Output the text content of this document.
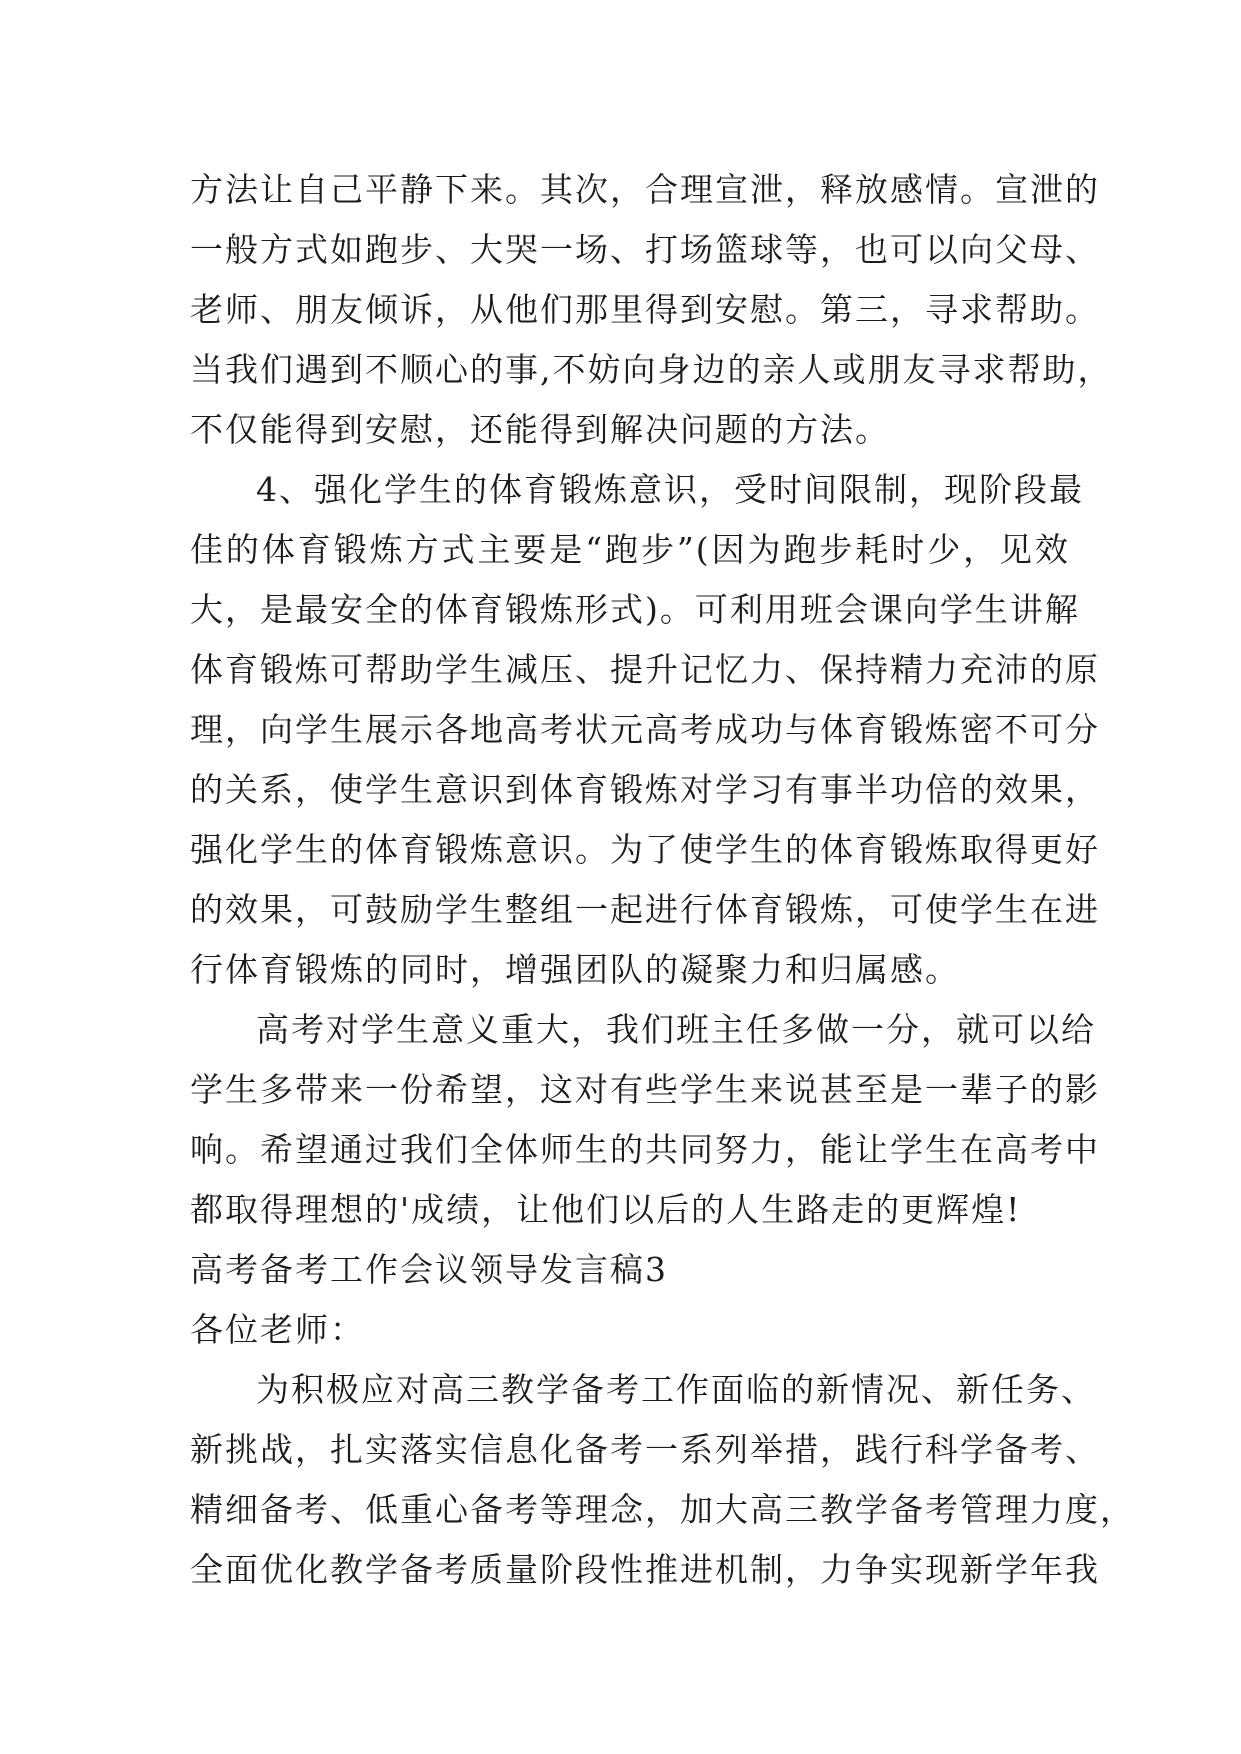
方法让自己平静下来。其次，合理宣泄，释放感情。宣泄的
一般方式如跑步、大哭一场、打场篮球等，也可以向父母、
老师、朋友倾诉，从他们那里得到安慰。第三，寻求帮助。
当我们遇到不顺心的事,不妨向身边的亲人或朋友寻求帮助，
不仅能得到安慰，还能得到解决问题的方法。
4、强化学生的体育锻炼意识，受时间限制，现阶段最
佳的体育锻炼方式主要是“跑步”(因为跑步耗时少，见效
大，是最安全的体育锻炼形式)。可利用班会课向学生讲解
体育锻炼可帮助学生减压、提升记忆力、保持精力充沛的原
理，向学生展示各地高考状元高考成功与体育锻炼密不可分
的关系，使学生意识到体育锻炼对学习有事半功倍的效果，
强化学生的体育锻炼意识。为了使学生的体育锻炼取得更好
的效果，可鼓励学生整组一起进行体育锻炼，可使学生在进
行体育锻炼的同时，增强团队的凝聚力和归属感。
高考对学生意义重大，我们班主任多做一分，就可以给
学生多带来一份希望，这对有些学生来说甚至是一辈子的影
响。希望通过我们全体师生的共同努力，能让学生在高考中
都取得理想的'成绩，让他们以后的人生路走的更辉煌!
高考备考工作会议领导发言稿3
各位老师：
为积极应对高三教学备考工作面临的新情况、新任务、
新挑战，扎实落实信息化备考一系列举措，践行科学备考、
精细备考、低重心备考等理念，加大高三教学备考管理力度，
全面优化教学备考质量阶段性推进机制，力争实现新学年我
